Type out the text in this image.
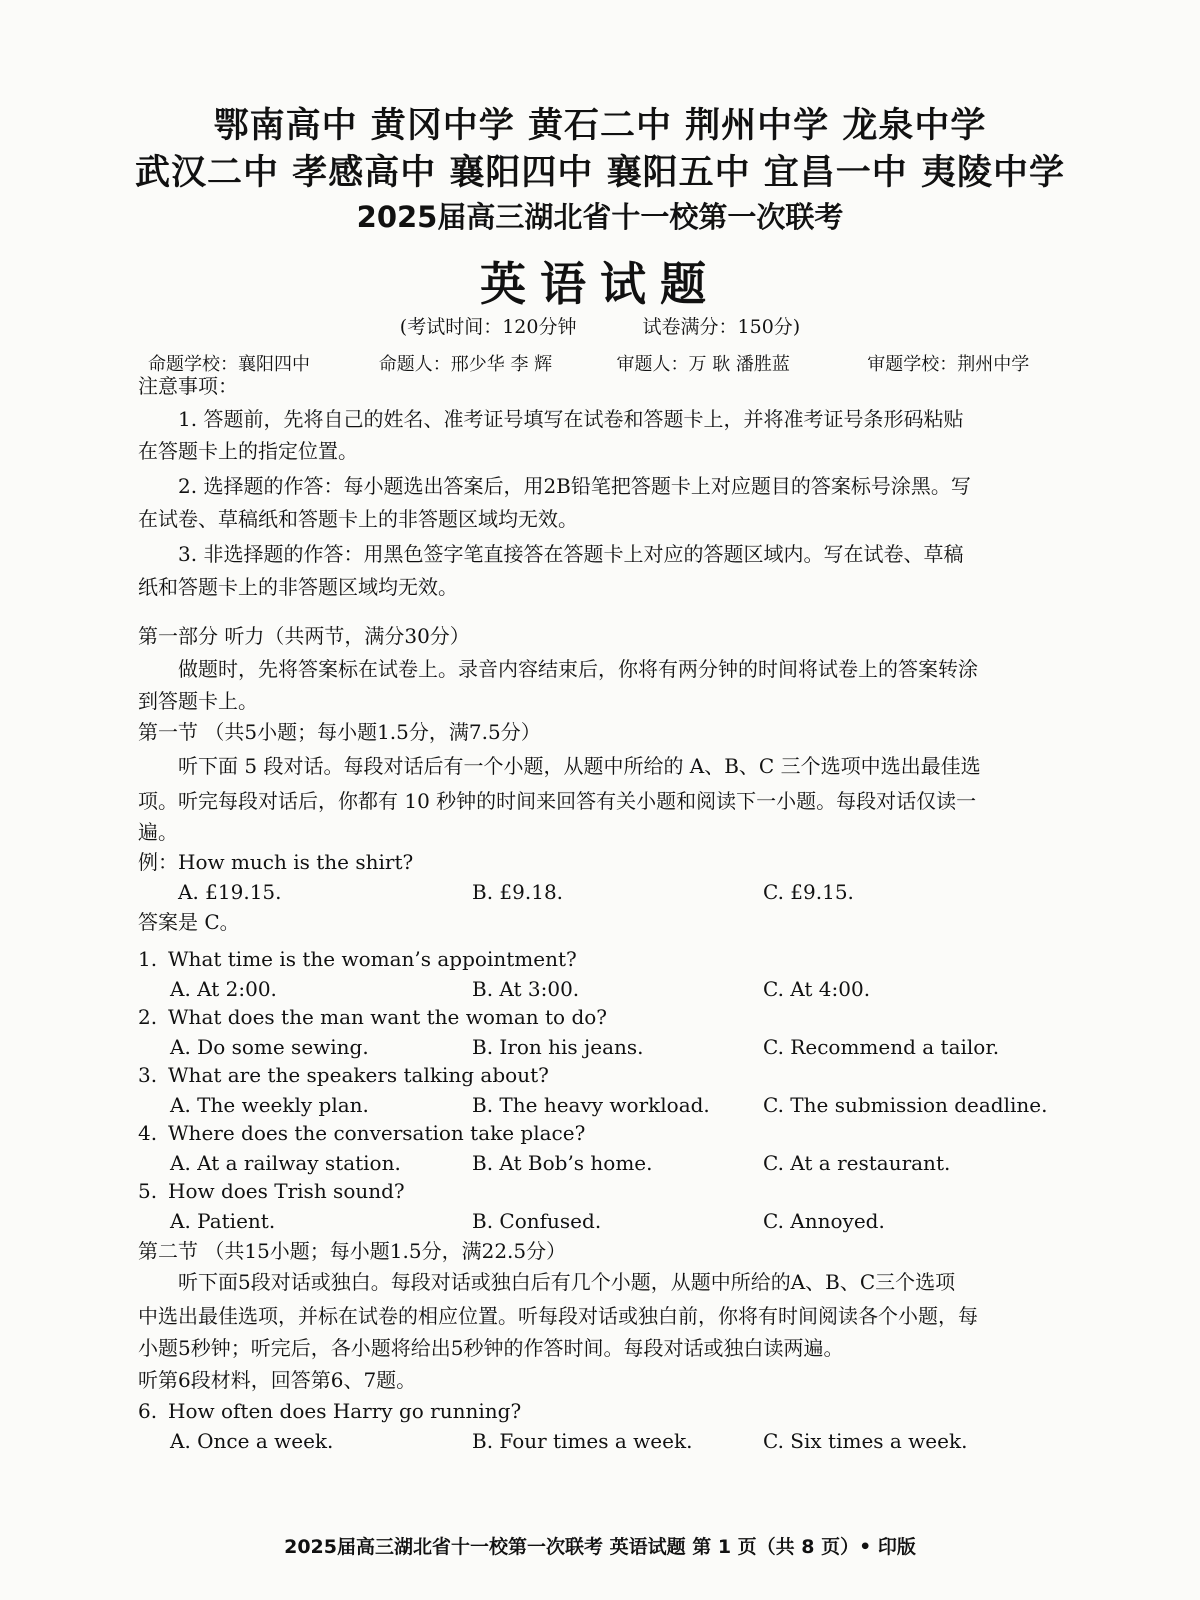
鄂南高中 黄冈中学 黄石二中 荆州中学 龙泉中学
武汉二中 孝感高中 襄阳四中 襄阳五中 宜昌一中 夷陵中学
2025届高三湖北省十一校第一次联考
英语试题
(考试时间：120分钟	试卷满分：150分)
命题学校：襄阳四中	命题人：邢少华 李 辉	审题人：万 耿 潘胜蓝	审题学校：荆州中学
注意事项：
1. 答题前，先将自己的姓名、准考证号填写在试卷和答题卡上，并将准考证号条形码粘贴
在答题卡上的指定位置。
2. 选择题的作答：每小题选出答案后，用2B铅笔把答题卡上对应题目的答案标号涂黑。写
在试卷、草稿纸和答题卡上的非答题区域均无效。
3. 非选择题的作答：用黑色签字笔直接答在答题卡上对应的答题区域内。写在试卷、草稿
纸和答题卡上的非答题区域均无效。
第一部分 听力（共两节，满分30分）
做题时，先将答案标在试卷上。录音内容结束后，你将有两分钟的时间将试卷上的答案转涂
到答题卡上。
第一节 （共5小题；每小题1.5分，满7.5分）
听下面 5 段对话。每段对话后有一个小题，从题中所给的 A、B、C 三个选项中选出最佳选
项。听完每段对话后，你都有 10 秒钟的时间来回答有关小题和阅读下一小题。每段对话仅读一
遍。
例：How much is the shirt?
A. £19.15.	B. £9.18.	C. £9.15.
答案是 C。
1. What time is the woman’s appointment?
A. At 2:00.	B. At 3:00.	C. At 4:00.
2. What does the man want the woman to do?
A. Do some sewing.	B. Iron his jeans.	C. Recommend a tailor.
3. What are the speakers talking about?
A. The weekly plan.	B. The heavy workload.	C. The submission deadline.
4. Where does the conversation take place?
A. At a railway station.	B. At Bob’s home.	C. At a restaurant.
5. How does Trish sound?
A. Patient.	B. Confused.	C. Annoyed.
第二节 （共15小题；每小题1.5分，满22.5分）
听下面5段对话或独白。每段对话或独白后有几个小题，从题中所给的A、B、C三个选项
中选出最佳选项，并标在试卷的相应位置。听每段对话或独白前，你将有时间阅读各个小题，每
小题5秒钟；听完后，各小题将给出5秒钟的作答时间。每段对话或独白读两遍。
听第6段材料，回答第6、7题。
6. How often does Harry go running?
A. Once a week.	B. Four times a week.	C. Six times a week.
2025届高三湖北省十一校第一次联考 英语试题 第 1 页（共 8 页）• 印版
